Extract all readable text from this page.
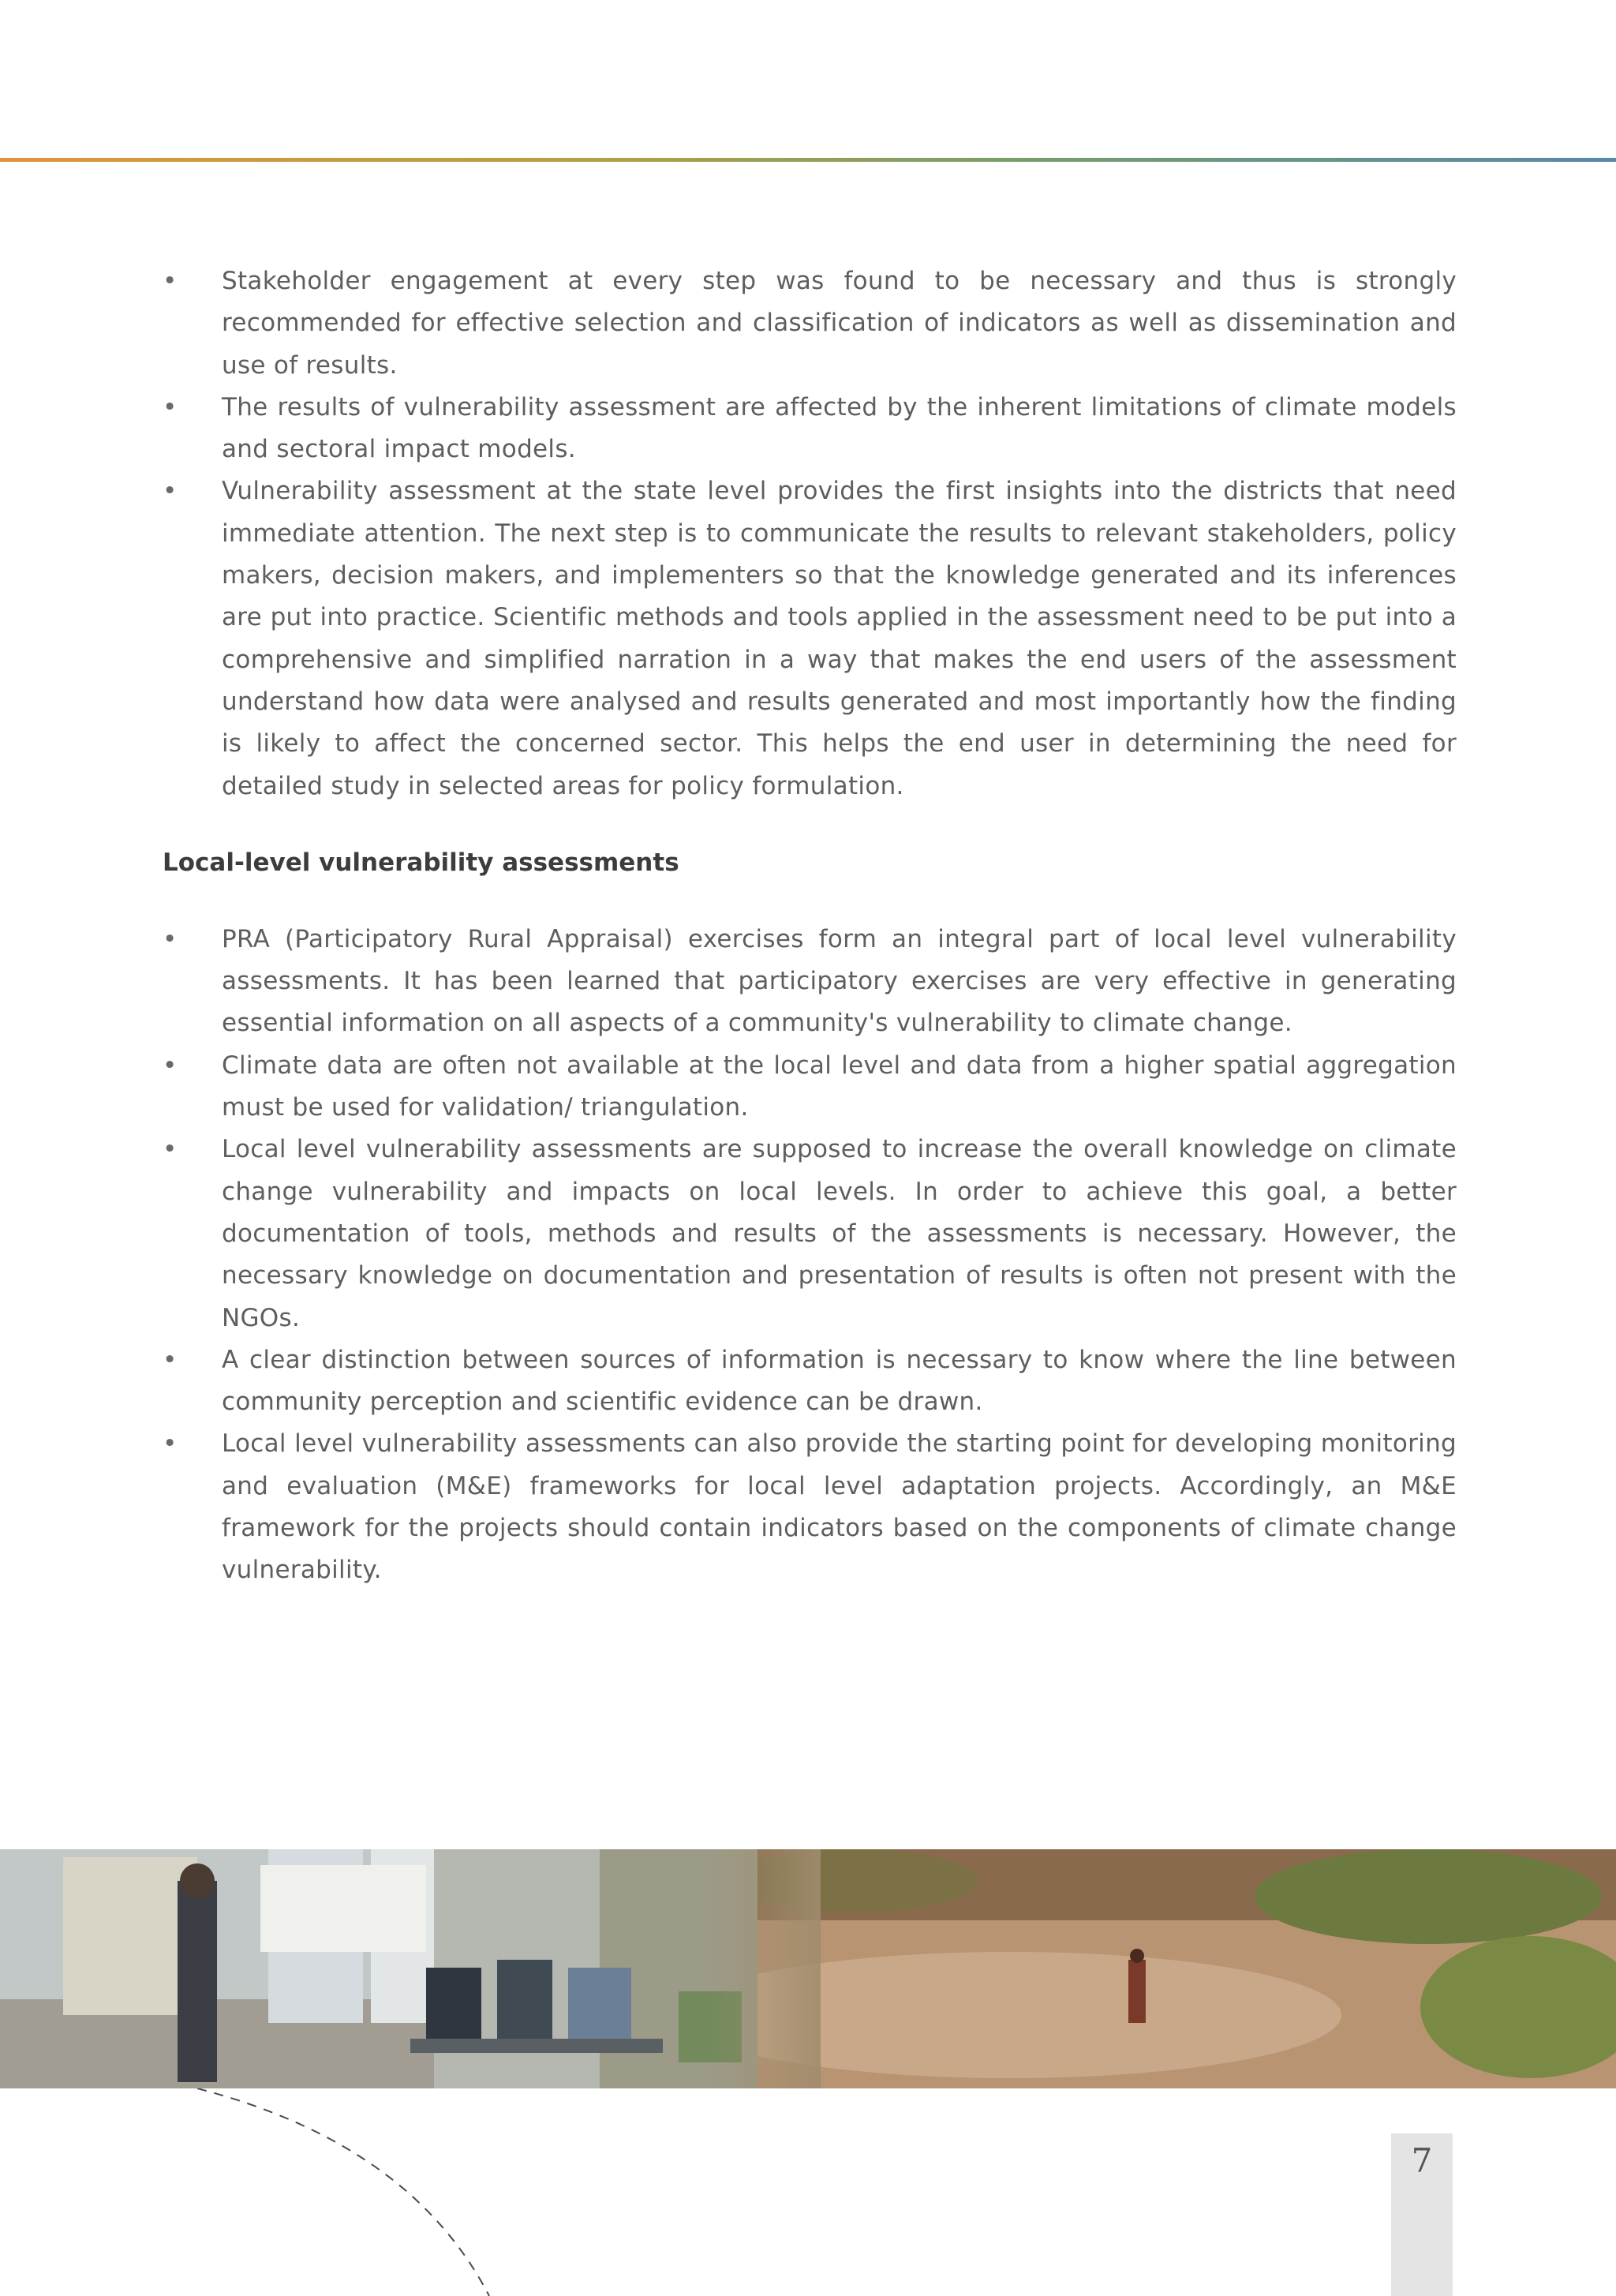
• Stakeholder engagement at every step was found to be necessary and thus is strongly recommended for effective selection and classification of indicators as well as dissemination and use of results.
• The results of vulnerability assessment are affected by the inherent limitations of climate models and sectoral impact models.
• Vulnerability assessment at the state level provides the first insights into the districts that need immediate attention. The next step is to communicate the results to relevant stakeholders, policy makers, decision makers, and implementers so that the knowledge generated and its inferences are put into practice. Scientific methods and tools applied in the assessment need to be put into a comprehensive and simplified narration in a way that makes the end users of the assessment understand how data were analysed and results generated and most importantly how the finding is likely to affect the concerned sector. This helps the end user in determining the need for detailed study in selected areas for policy formulation.
Local-level vulnerability assessments
• PRA (Participatory Rural Appraisal) exercises form an integral part of local level vulnerability assessments. It has been learned that participatory exercises are very effective in generating essential information on all aspects of a community's vulnerability to climate change.
• Climate data are often not available at the local level and data from a higher spatial aggregation must be used for validation/ triangulation.
• Local level vulnerability assessments are supposed to increase the overall knowledge on climate change vulnerability and impacts on local levels. In order to achieve this goal, a better documentation of tools, methods and results of the assessments is necessary. However, the necessary knowledge on documentation and presentation of results is often not present with the NGOs.
• A clear distinction between sources of information is necessary to know where the line between community perception and scientific evidence can be drawn.
• Local level vulnerability assessments can also provide the starting point for developing monitoring and evaluation (M&E) frameworks for local level adaptation projects. Accordingly, an M&E framework for the projects should contain indicators based on the components of climate change vulnerability.
7
